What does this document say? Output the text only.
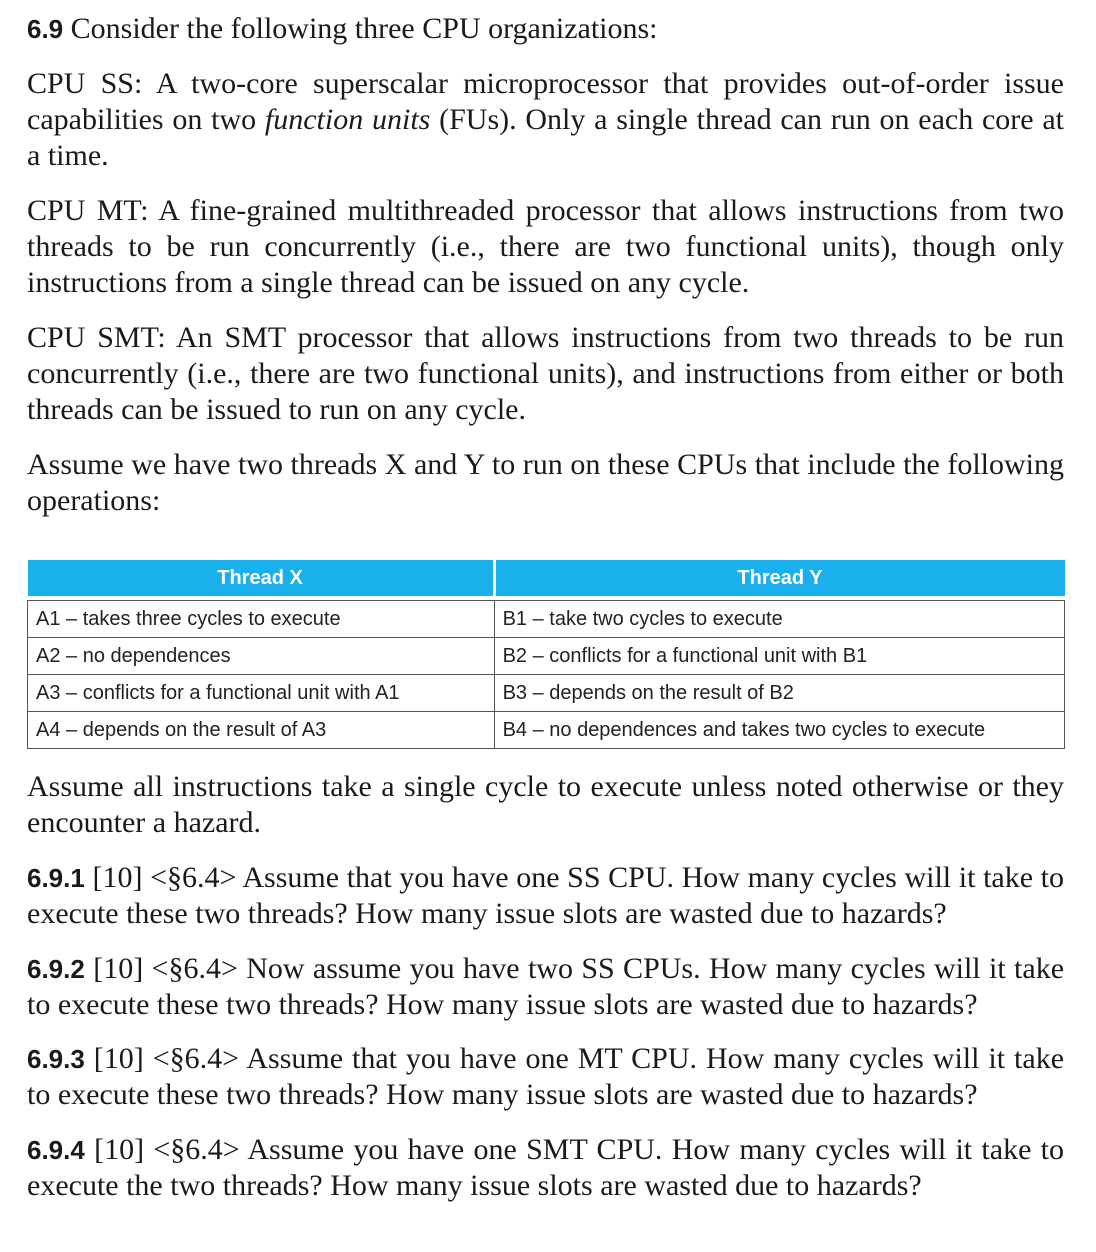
6.9 Consider the following three CPU organizations:

CPU SS: A two-core superscalar microprocessor that provides out-of-order issue capabilities on two function units (FUs). Only a single thread can run on each core at a time.

CPU MT: A fine-grained multithreaded processor that allows instructions from two threads to be run concurrently (i.e., there are two functional units), though only instructions from a single thread can be issued on any cycle.

CPU SMT: An SMT processor that allows instructions from two threads to be run concurrently (i.e., there are two functional units), and instructions from either or both threads can be issued to run on any cycle.

Assume we have two threads X and Y to run on these CPUs that include the following operations:

Thread X	Thread Y

A1 – takes three cycles to execute	B1 – take two cycles to execute
A2 – no dependences	B2 – conflicts for a functional unit with B1
A3 – conflicts for a functional unit with A1	B3 – depends on the result of B2
A4 – depends on the result of A3	B4 – no dependences and takes two cycles to execute

Assume all instructions take a single cycle to execute unless noted otherwise or they encounter a hazard.

6.9.1 [10] <§6.4> Assume that you have one SS CPU. How many cycles will it take to execute these two threads? How many issue slots are wasted due to hazards?

6.9.2 [10] <§6.4> Now assume you have two SS CPUs. How many cycles will it take to execute these two threads? How many issue slots are wasted due to hazards?

6.9.3 [10] <§6.4> Assume that you have one MT CPU. How many cycles will it take to execute these two threads? How many issue slots are wasted due to hazards?

6.9.4 [10] <§6.4> Assume you have one SMT CPU. How many cycles will it take to execute the two threads? How many issue slots are wasted due to hazards?
